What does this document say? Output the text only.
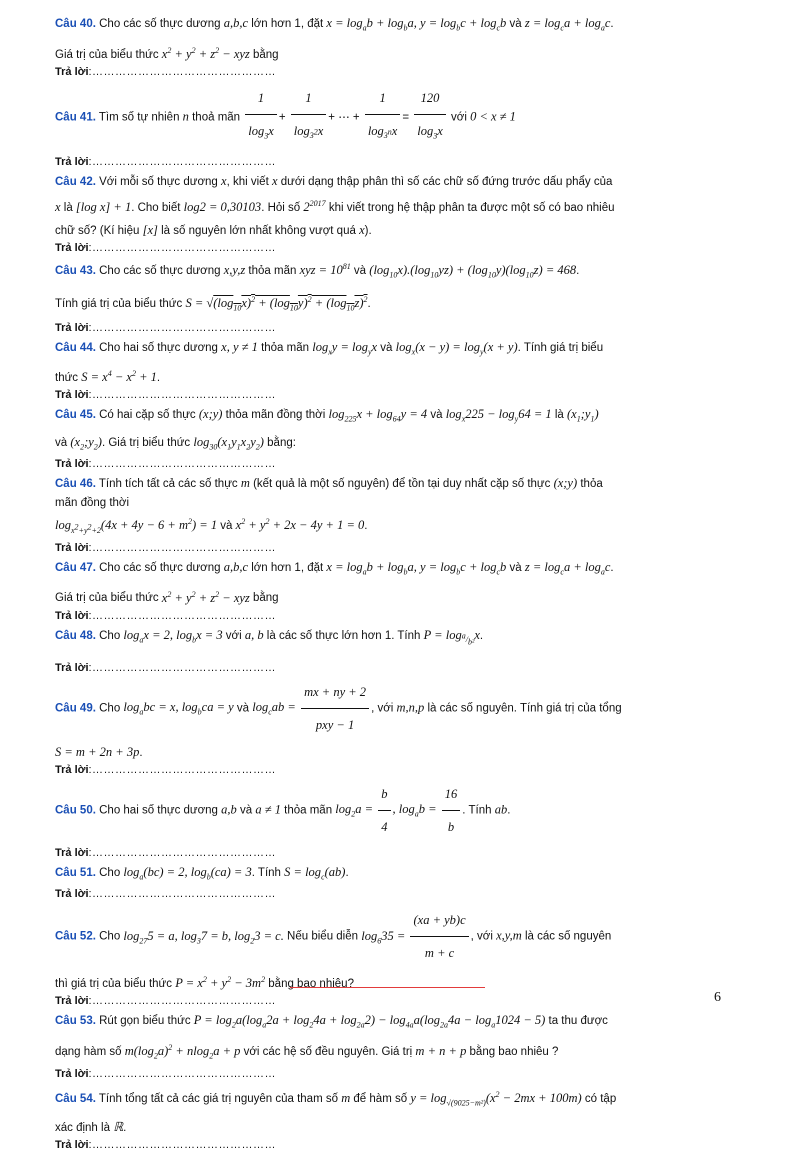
Câu 40. Cho các số thực dương a,b,c lớn hơn 1, đặt $x = \log_ab + \log_ba$, $y = \log_bc + \log_cb$ và $z = \log_ca + \log_ac$.
Giá trị của biểu thức $x^2 + y^2 + z^2$ − xyz bằng
Trả lời:…………………………………………
Câu 41. Tìm số tự nhiên n thoả mãn $\frac{1}{\log_3x} + \frac{1}{\log_{3^2}x}$ + ⋯ + $\frac{1}{\log_{3^n}x} = \frac{120}{\log_3x}$ với 0 < x ≠ 1
Trả lời:…………………………………………
Câu 42. Với mỗi số thực dương x, khi viết x dưới dạng thập phân thì số các chữ số đứng trước dấu phẩy của
x là [log x] + 1. Cho biết log2 = 0,30103. Hỏi số $2^{2017}$ khi viết trong hệ thập phân ta được một số có bao nhiêu
chữ số? (Kí hiệu [x] là số nguyên lớn nhất không vượt quá x).
Trả lời:…………………………………………
Câu 43. Cho các số thực dương x,y,z thỏa mãn xyz = $10^{81}$ và $(\log_{10}x).(\log_{10}yz) + (\log_{10}y)(\log_{10}z) = 468$.
Tính giá trị của biểu thức $S = √(\log_{10}x)^2 + (\log_{10}y)^2 + (\log_{10}z)^2$.
Trả lời:…………………………………………
Câu 44. Cho hai số thực dương x, y ≠ 1 thỏa mãn $\log_xy = \log_yx$ và $\log_x(x - y) = \log_y(x + y)$. Tính giá trị biểu
thức $S = x^4 - x^2 + 1$.
Trả lời:…………………………………………
Câu 45. Có hai cặp số thực (x;y) thỏa mãn đồng thời $\log_{225}x + \log_{64}y = 4$ và $\log_x225 - \log_y64 = 1$ là $(x_1;y_1)$
và $(x_2;y_2)$. Giá trị biểu thức $\log_{30}(x_1y_1x_2y_2)$ bằng:
Trả lời:…………………………………………
Câu 46. Tính tích tất cả các số thực m (kết quả là một số nguyên) để tồn tại duy nhất cặp số thực (x;y) thỏa
mãn đồng thời
$\log_{x^2+y^2+2}(4x + 4y - 6 + m^2) = 1$ và $x^2 + y^2 + 2x - 4y + 1 = 0$.
Trả lời:…………………………………………
Câu 47. Cho các số thực dương a,b,c lớn hơn 1, đặt $x = \log_ab + \log_ba$, $y = \log_bc + \log_cb$ và $z = \log_ca + \log_ac$.
Giá trị của biểu thức $x^2 + y^2 + z^2$ − xyz bằng
Trả lời:…………………………………………
Câu 48. Cho $\log_ax = 2$, $\log_bx = 3$ với a, b là các số thực lớn hơn 1. Tính $P = \log_{^a/_{b^2}}x$.
Trả lời:…………………………………………
Câu 49. Cho $\log_abc = x$, $\log_bca = y$ và $\log_cab = \frac{mx + ny + 2}{\text{pxy − 1}}$ , với m,n,p là các số nguyên. Tính giá trị của tổng
S = m + 2n + 3p.
Trả lời:…………………………………………
Câu 50. Cho hai số thực dương a,b và a ≠ 1 thỏa mãn $\log_2a = \frac{b}{4}$ , $\log_ab = \frac{16}{b}$ . Tính ab.
Trả lời:…………………………………………
Câu 51. Cho $\log_a(bc) = 2$, $\log_b(ca) = 3$. Tính $S = \log_c(ab)$.
Trả lời:…………………………………………
Câu 52. Cho $\log_{27}5 = a$, $\log_37 = b$, $\log_23 = c$. Nếu biểu diễn $\log_635 = \frac{(xa + yb)c}{m + c}$ , với x,y,m là các số nguyên
thì giá trị của biểu thức $P = x^2 + y^2 - 3m^2$ bằng bao nhiêu?
Trả lời:…………………………………………
Câu 53. Rút gọn biểu thức $P = \log_2a(\log_a2a + \log_24a + \log_{2a}2) - \log_{4a}a(\log_{2a}4a - \log_a1024 - 5)$ ta thu được
dạng hàm số $m(\log_2a)^2 + nlog_2a + p$ với các hệ số đều nguyên. Giá trị m + n + p bằng bao nhiêu ?
Trả lời:…………………………………………
Câu 54. Tính tổng tất cả các giá trị nguyên của tham số m để hàm số $y = \log_{√(9025-m^2)}(x^2 - 2mx + 100m)$ có tập
xác định là ℝ.
Trả lời:…………………………………………
6
